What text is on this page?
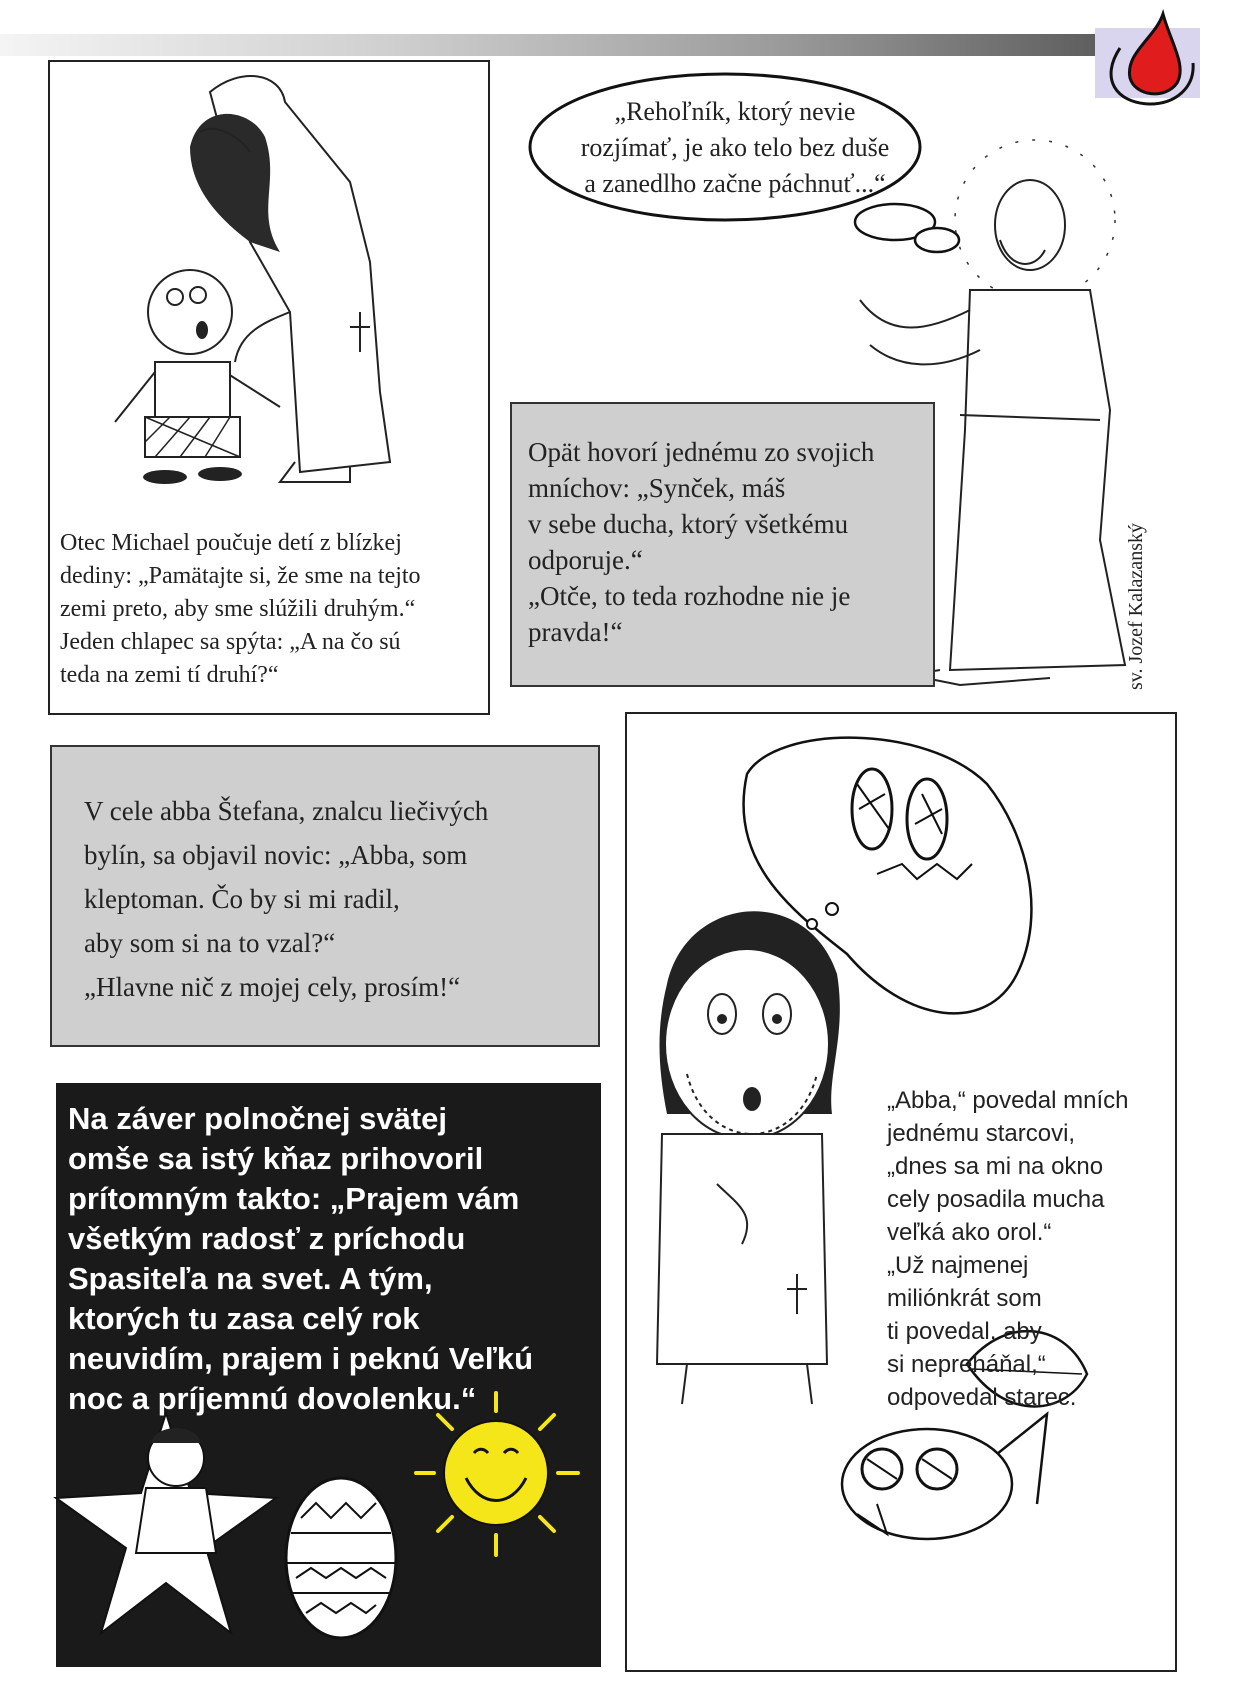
Otec Michael poučuje detí z blízkej
dediny: „Pamätajte si, že sme na tejto
zemi preto, aby sme slúžili druhým.“
Jeden chlapec sa spýta: „A na čo sú
teda na zemi tí druhí?“
„Rehoľník, ktorý nevie
rozjímať, je ako telo bez duše
a zanedlho začne páchnuť...“
sv. Jozef Kalazanský
Opät hovorí jednému zo svojich
mníchov: „Synček, máš
v sebe ducha, ktorý všetkému
odporuje.“
„Otče, to teda rozhodne nie je
pravda!“
V cele abba Štefana, znalcu liečivých
bylín, sa objavil novic: „Abba, som
kleptoman. Čo by si mi radil,
aby som si na to vzal?“
„Hlavne nič z mojej cely, prosím!“
„Abba,“ povedal mních
jednému starcovi,
„dnes sa mi na okno
cely posadila mucha
veľká ako orol.“
„Už najmenej
miliónkrát som
ti povedal, aby
si nepreháňal,“
odpovedal starec.
Na záver polnočnej svätej
omše sa istý kňaz prihovoril
prítomným takto: „Prajem vám
všetkým radosť z príchodu
Spasiteľa na svet. A tým,
ktorých tu zasa celý rok
neuvidím, prajem i peknú Veľkú
noc a príjemnú dovolenku.“
